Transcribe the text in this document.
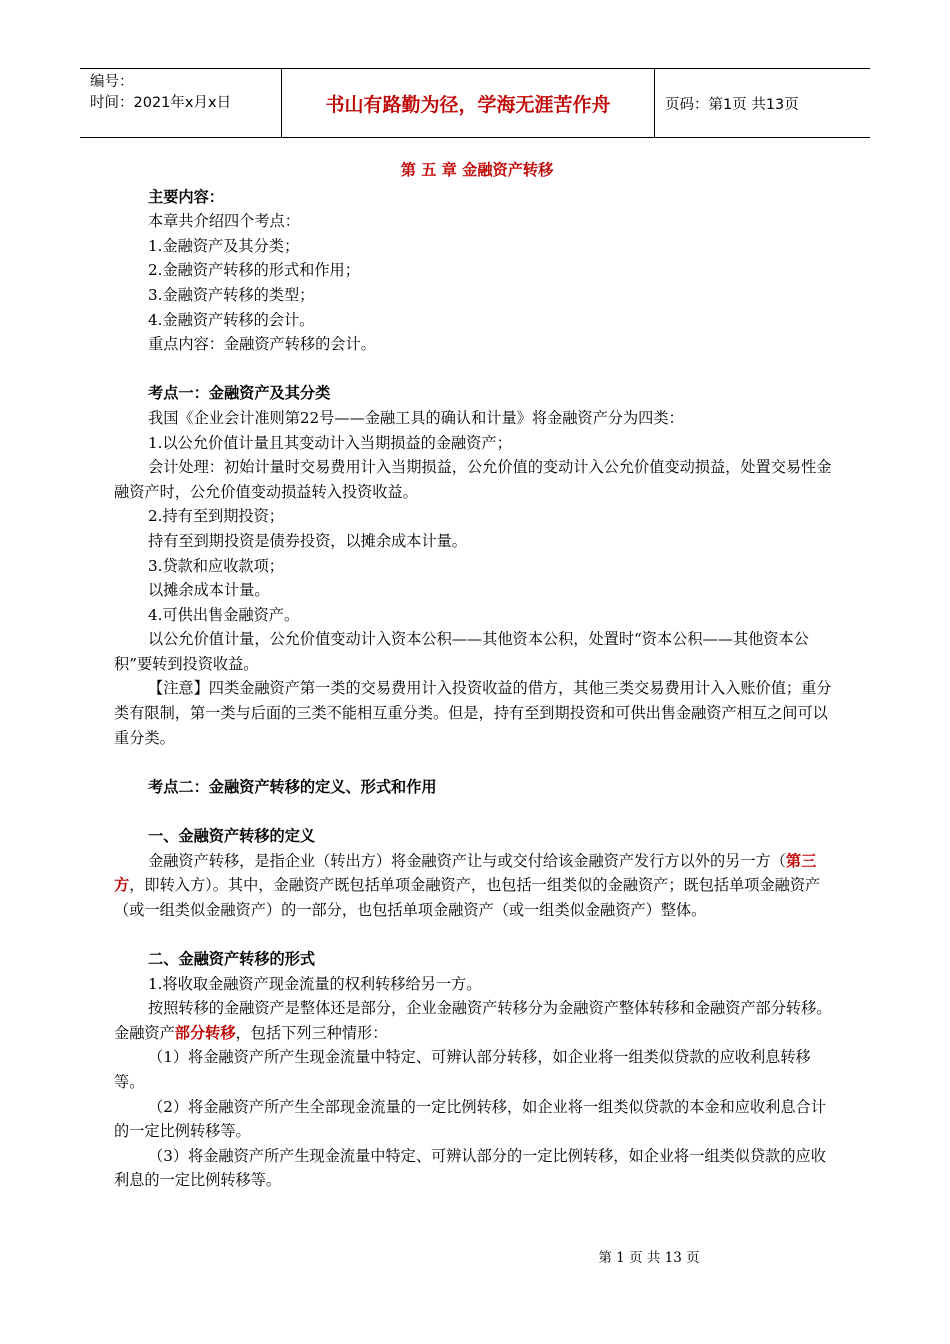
编号：
时间：2021年x月x日	书山有路勤为径，学海无涯苦作舟	页码：第1页 共13页
第 五 章 金融资产转移

主要内容：

本章共介绍四个考点：

1.金融资产及其分类；

2.金融资产转移的形式和作用；

3.金融资产转移的类型；

4.金融资产转移的会计。

重点内容：金融资产转移的会计。

考点一：金融资产及其分类

我国《企业会计准则第22号——金融工具的确认和计量》将金融资产分为四类：

1.以公允价值计量且其变动计入当期损益的金融资产；

会计处理：初始计量时交易费用计入当期损益，公允价值的变动计入公允价值变动损益，处置交易性金融资产时，公允价值变动损益转入投资收益。

2.持有至到期投资；

持有至到期投资是债券投资，以摊余成本计量。

3.贷款和应收款项；

以摊余成本计量。

4.可供出售金融资产。

以公允价值计量，公允价值变动计入资本公积——其他资本公积，处置时“资本公积——其他资本公积”要转到投资收益。

【注意】四类金融资产第一类的交易费用计入投资收益的借方，其他三类交易费用计入入账价值；重分类有限制，第一类与后面的三类不能相互重分类。但是，持有至到期投资和可供出售金融资产相互之间可以重分类。

考点二：金融资产转移的定义、形式和作用

一、金融资产转移的定义

金融资产转移，是指企业（转出方）将金融资产让与或交付给该金融资产发行方以外的另一方（第三方，即转入方）。其中，金融资产既包括单项金融资产，也包括一组类似的金融资产；既包括单项金融资产（或一组类似金融资产）的一部分，也包括单项金融资产（或一组类似金融资产）整体。

二、金融资产转移的形式

1.将收取金融资产现金流量的权利转移给另一方。

按照转移的金融资产是整体还是部分，企业金融资产转移分为金融资产整体转移和金融资产部分转移。金融资产部分转移，包括下列三种情形：

（1）将金融资产所产生现金流量中特定、可辨认部分转移，如企业将一组类似贷款的应收利息转移等。

（2）将金融资产所产生全部现金流量的一定比例转移，如企业将一组类似贷款的本金和应收利息合计的一定比例转移等。

（3）将金融资产所产生现金流量中特定、可辨认部分的一定比例转移，如企业将一组类似贷款的应收利息的一定比例转移等。

第 1 页 共 13 页
